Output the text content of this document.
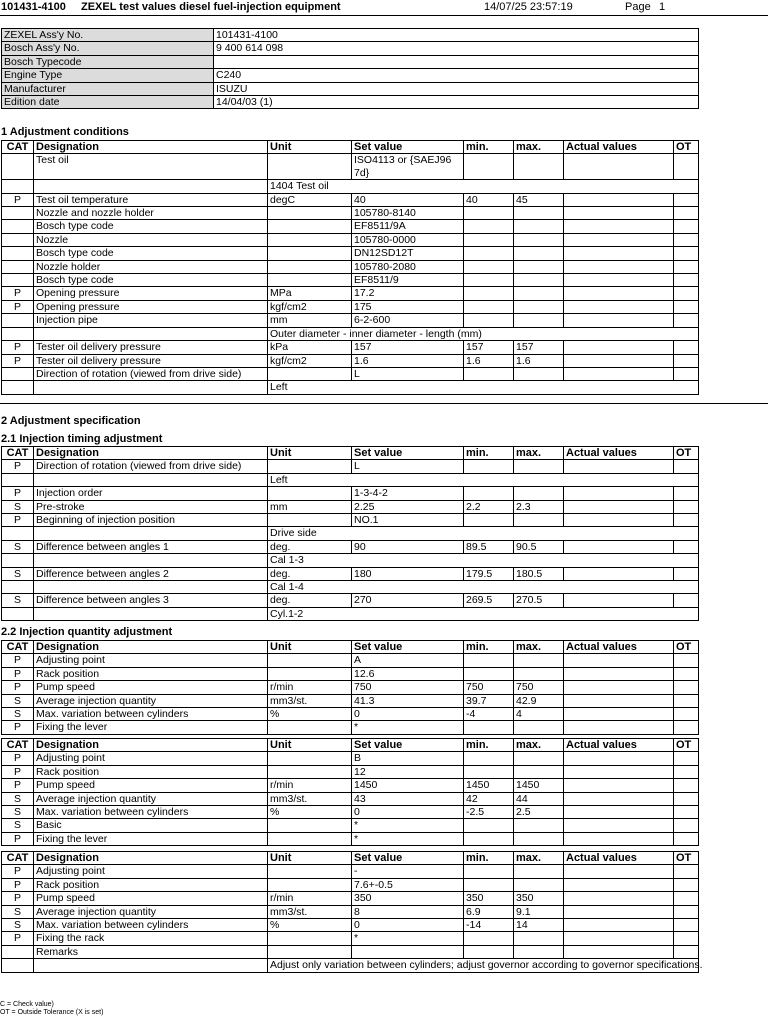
101431-4100 ZEXEL test values diesel fuel-injection equipment	14/07/25 23:57:19	Page 1
ZEXEL Ass'y No.	101431-4100
Bosch Ass'y No.	9 400 614 098
Bosch Typecode	
Engine Type	C240
Manufacturer	ISUZU
Edition date	14/04/03 (1)
1 Adjustment conditions
CAT	Designation	Unit	Set value	min.	max.	Actual values	OT
	Test oil		ISO4113 or {SAEJ96 7d}				
		1404 Test oil					
P	Test oil temperature	degC	40	40	45		
	Nozzle and nozzle holder		105780-8140				
	Bosch type code		EF8511/9A				
	Nozzle		105780-0000				
	Bosch type code		DN12SD12T				
	Nozzle holder		105780-2080				
	Bosch type code		EF8511/9				
P	Opening pressure	MPa	17.2				
P	Opening pressure	kgf/cm2	175				
	Injection pipe	mm	6-2-600				
		Outer diameter - inner diameter - length (mm)					
P	Tester oil delivery pressure	kPa	157	157	157		
P	Tester oil delivery pressure	kgf/cm2	1.6	1.6	1.6		
	Direction of rotation (viewed from drive side)		L				
		Left					
2 Adjustment specification
2.1 Injection timing adjustment
CAT	Designation	Unit	Set value	min.	max.	Actual values	OT
P	Direction of rotation (viewed from drive side)		L				
		Left					
P	Injection order		1-3-4-2				
S	Pre-stroke	mm	2.25	2.2	2.3		
P	Beginning of injection position		NO.1				
		Drive side					
S	Difference between angles 1	deg.	90	89.5	90.5		
		Cal 1-3					
S	Difference between angles 2	deg.	180	179.5	180.5		
		Cal 1-4					
S	Difference between angles 3	deg.	270	269.5	270.5		
		Cyl.1-2					
2.2 Injection quantity adjustment
CAT	Designation	Unit	Set value	min.	max.	Actual values	OT
P	Adjusting point		A				
P	Rack position		12.6				
P	Pump speed	r/min	750	750	750		
S	Average injection quantity	mm3/st.	41.3	39.7	42.9		
S	Max. variation between cylinders	%	0	-4	4		
P	Fixing the lever		*				
CAT	Designation	Unit	Set value	min.	max.	Actual values	OT
P	Adjusting point		B				
P	Rack position		12				
P	Pump speed	r/min	1450	1450	1450		
S	Average injection quantity	mm3/st.	43	42	44		
S	Max. variation between cylinders	%	0	-2.5	2.5		
S	Basic		*				
P	Fixing the lever		*				
CAT	Designation	Unit	Set value	min.	max.	Actual values	OT
P	Adjusting point		-				
P	Rack position		7.6+-0.5				
P	Pump speed	r/min	350	350	350		
S	Average injection quantity	mm3/st.	8	6.9	9.1		
S	Max. variation between cylinders	%	0	-14	14		
P	Fixing the rack		*				
	Remarks						
		Adjust only variation between cylinders; adjust governor according to governor specifications.					
C = Check value)
OT = Outside Tolerance (X is set)
